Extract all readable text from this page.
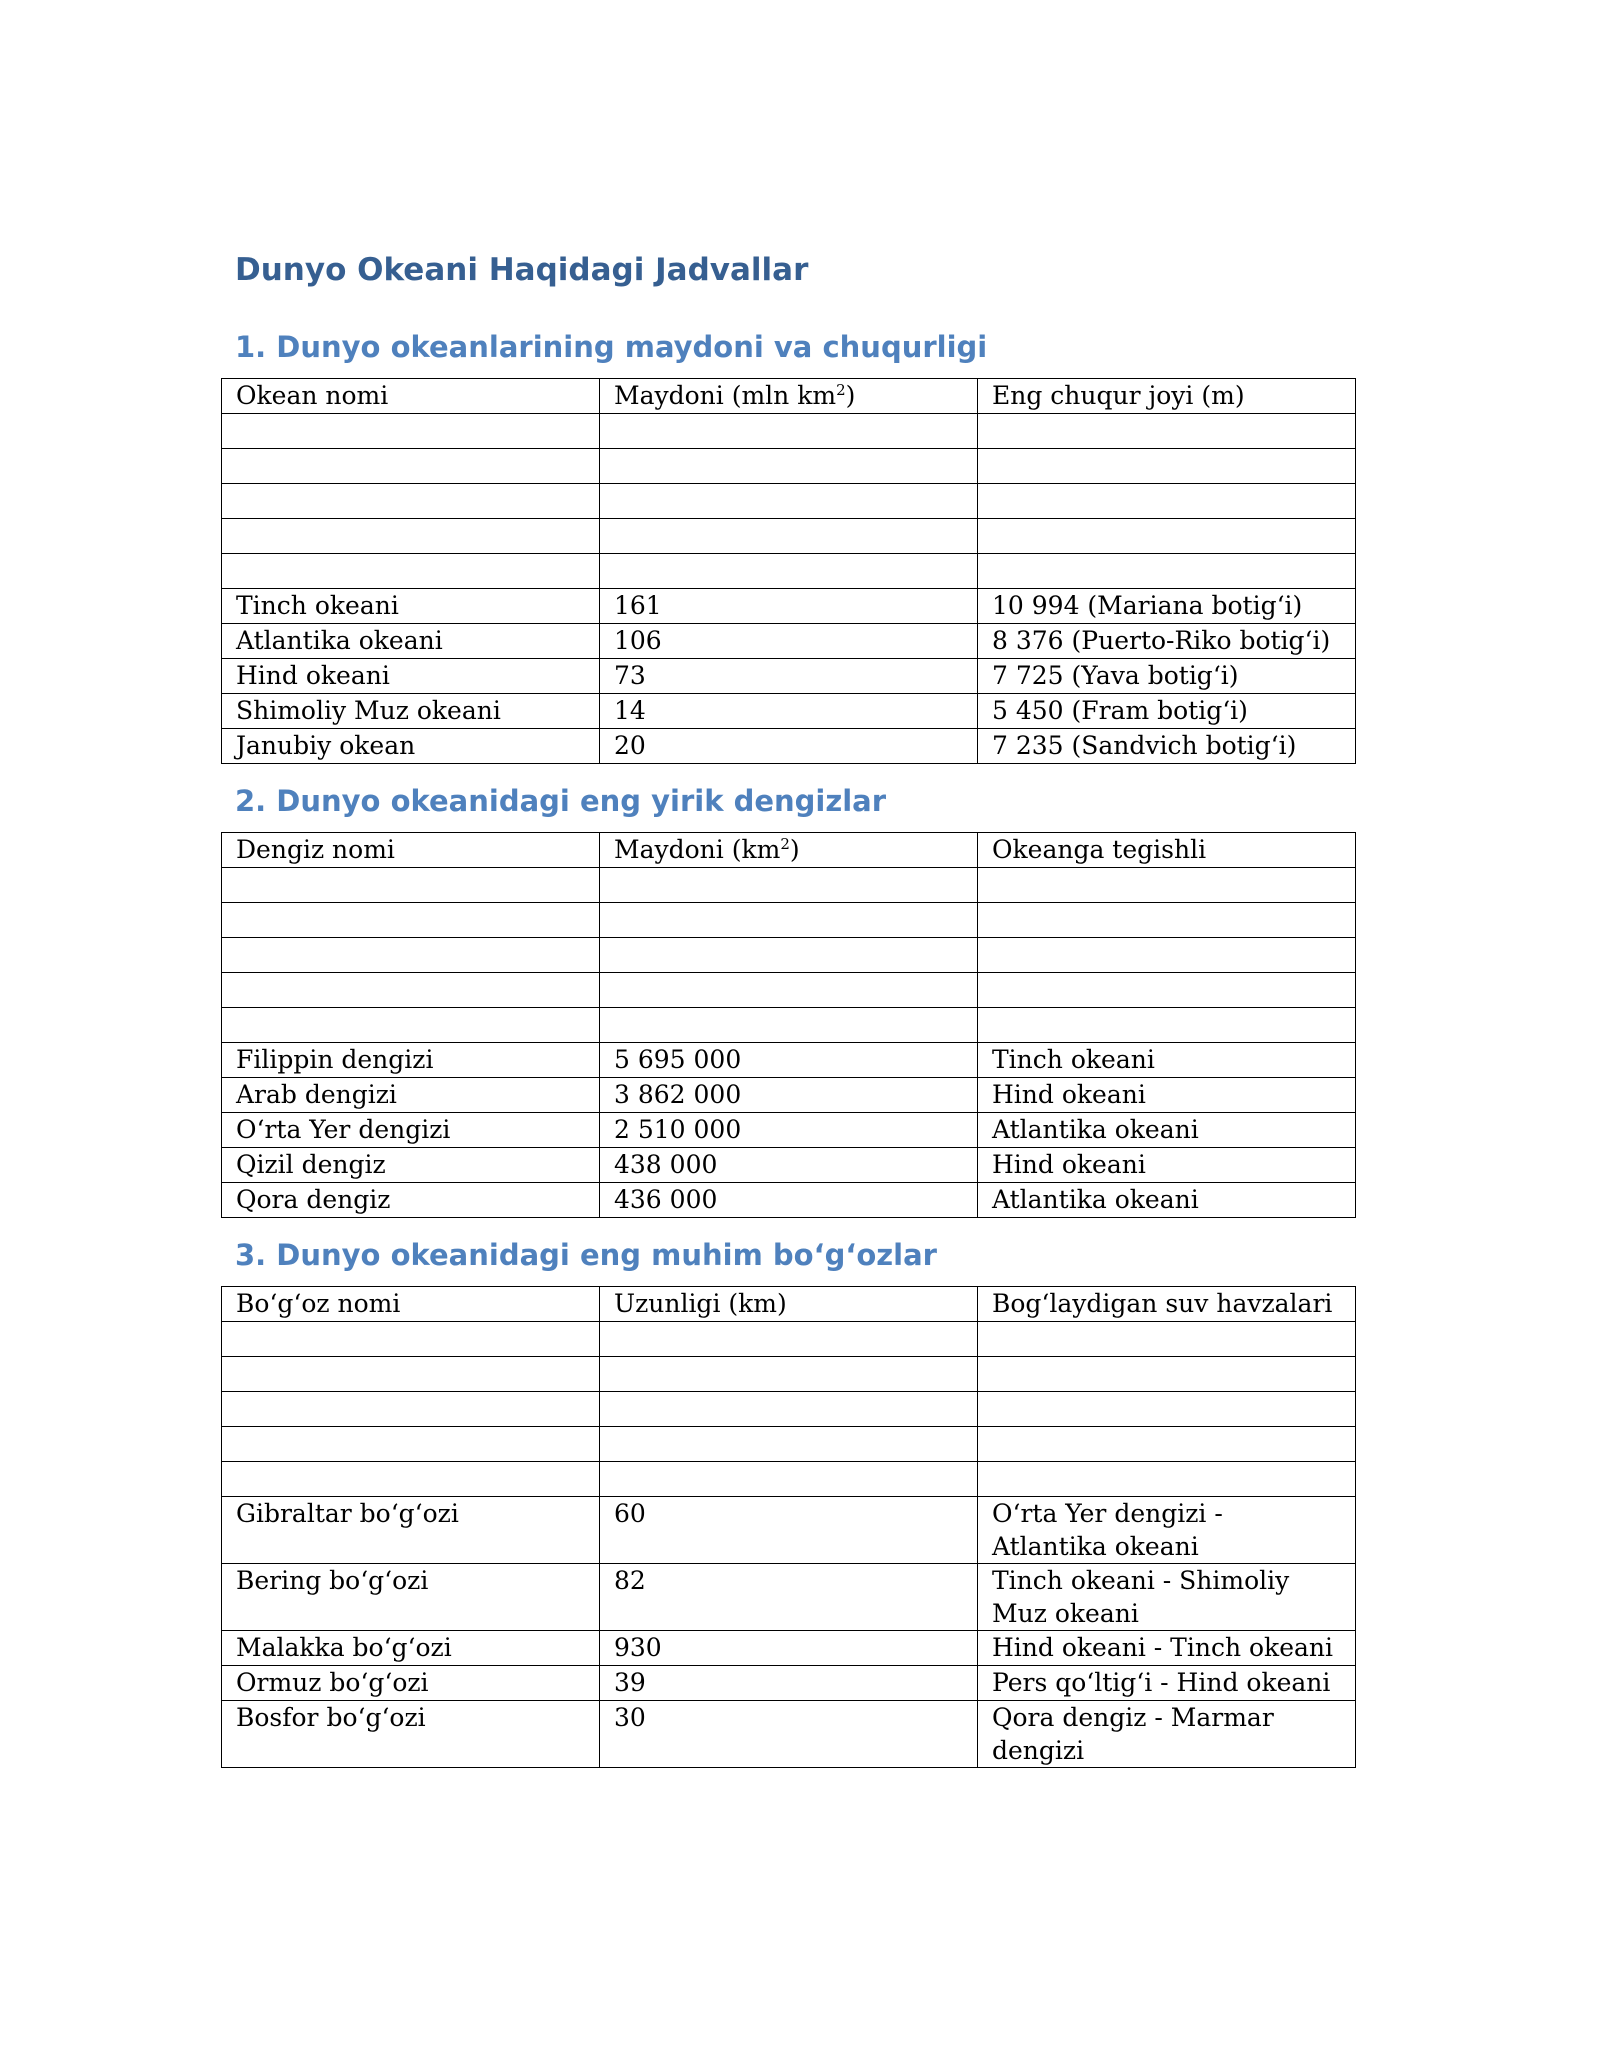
Dunyo Okeani Haqidagi Jadvallar
1. Dunyo okeanlarining maydoni va chuqurligi
Okean nomi	Maydoni (mln $km^2$)	Eng chuqur joyi (m)

Tinch okeani	161	10 994 (Mariana botig‘i)
Atlantika okeani	106	8 376 (Puerto-Riko botig‘i)
Hind okeani	73	7 725 (Yava botig‘i)
Shimoliy Muz okeani	14	5 450 (Fram botig‘i)
Janubiy okean	20	7 235 (Sandvich botig‘i)
2. Dunyo okeanidagi eng yirik dengizlar
Dengiz nomi	Maydoni $(km^2)$	Okeanga tegishli

Filippin dengizi	5 695 000	Tinch okeani
Arab dengizi	3 862 000	Hind okeani
O‘rta Yer dengizi	2 510 000	Atlantika okeani
Qizil dengiz	438 000	Hind okeani
Qora dengiz	436 000	Atlantika okeani
3. Dunyo okeanidagi eng muhim bo‘g‘ozlar
Bo‘g‘oz nomi	Uzunligi (km)	Bog‘laydigan suv havzalari

Gibraltar bo‘g‘ozi	60	O‘rta Yer dengizi - Atlantika okeani
Bering bo‘g‘ozi	82	Tinch okeani - Shimoliy Muz okeani
Malakka bo‘g‘ozi	930	Hind okeani - Tinch okeani
Ormuz bo‘g‘ozi	39	Pers qo‘ltig‘i - Hind okeani
Bosfor bo‘g‘ozi	30	Qora dengiz - Marmar dengizi
